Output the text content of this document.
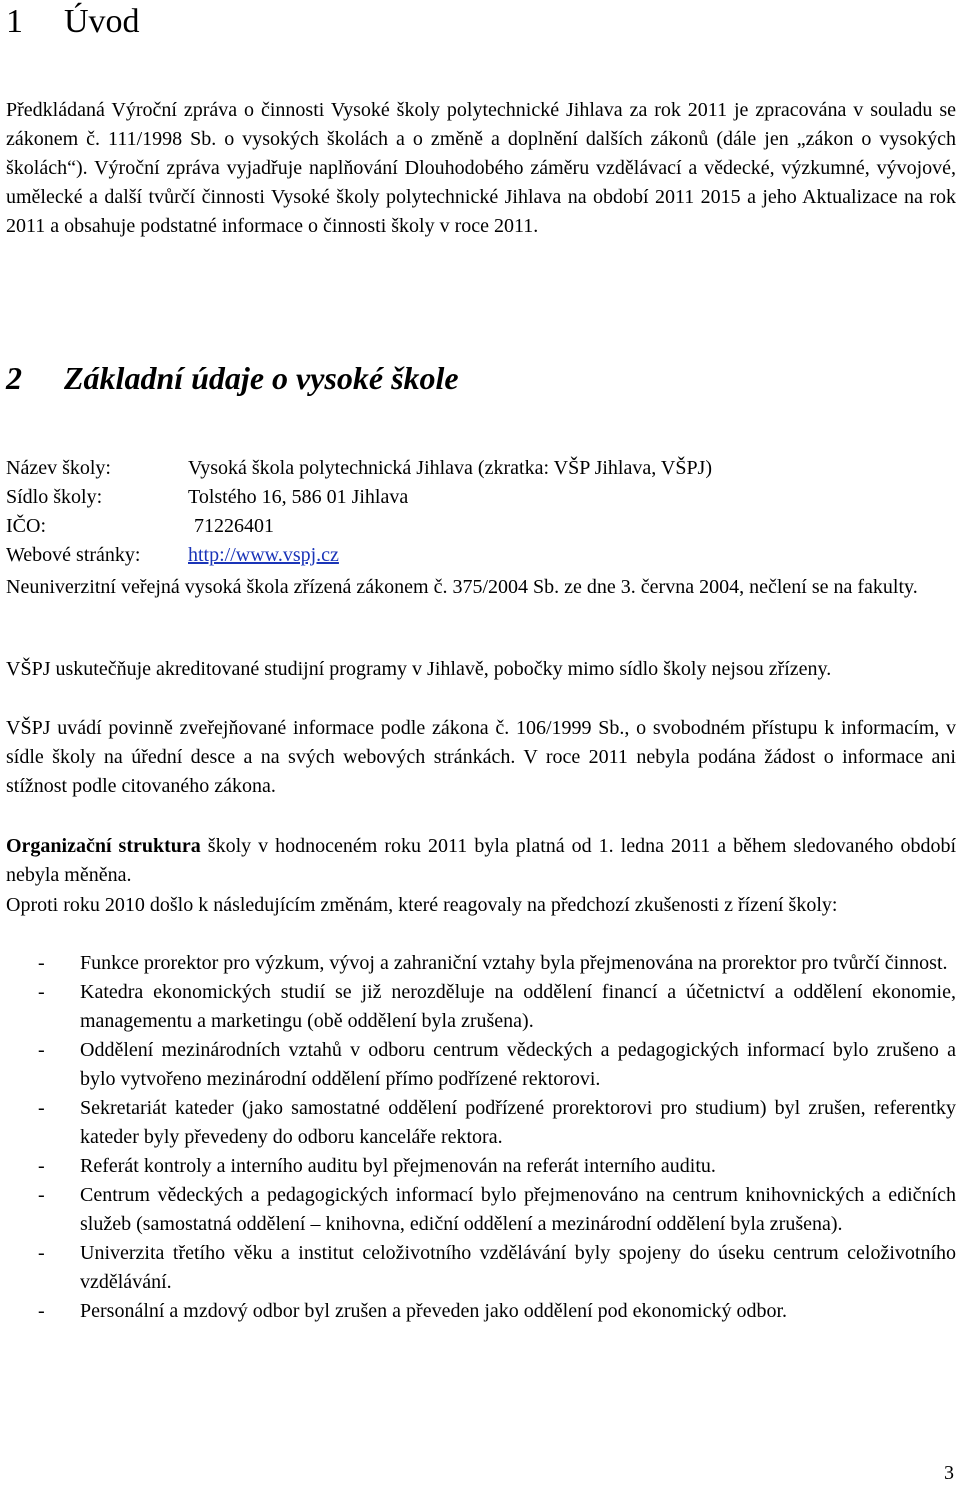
1 Úvod

Předkládaná Výroční zpráva o činnosti Vysoké školy polytechnické Jihlava za rok 2011 je zpracována v souladu se zákonem č. 111/1998 Sb. o vysokých školách a o změně a doplnění dalších zákonů (dále jen „zákon o vysokých školách“). Výroční zpráva vyjadřuje naplňování Dlouhodobého záměru vzdělávací a vědecké, výzkumné, vývojové, umělecké a další tvůrčí činnosti Vysoké školy polytechnické Jihlava na období 2011 2015 a jeho Aktualizace na rok 2011 a obsahuje podstatné informace o činnosti školy v roce 2011.

2 Základní údaje o vysoké škole
Název školy:	Vysoká škola polytechnická Jihlava (zkratka: VŠP Jihlava, VŠPJ)
Sídlo školy:	Tolstého 16, 586 01 Jihlava
IČO:	71226401
Webové stránky:	http://www.vspj.cz

Neuniverzitní veřejná vysoká škola zřízená zákonem č. 375/2004 Sb. ze dne 3. června 2004, nečlení se na fakulty.

VŠPJ uskutečňuje akreditované studijní programy v Jihlavě, pobočky mimo sídlo školy nejsou zřízeny.

VŠPJ uvádí povinně zveřejňované informace podle zákona č. 106/1999 Sb., o svobodném přístupu k informacím, v sídle školy na úřední desce a na svých webových stránkách. V roce 2011 nebyla podána žádost o informace ani stížnost podle citovaného zákona.

Organizační struktura školy v hodnoceném roku 2011 byla platná od 1. ledna 2011 a během sledovaného období nebyla měněna.

Oproti roku 2010 došlo k následujícím změnám, které reagovaly na předchozí zkušenosti z řízení školy:

- Funkce prorektor pro výzkum, vývoj a zahraniční vztahy byla přejmenována na prorektor pro tvůrčí činnost.
- Katedra ekonomických studií se již nerozděluje na oddělení financí a účetnictví a oddělení ekonomie, managementu a marketingu (obě oddělení byla zrušena).
- Oddělení mezinárodních vztahů v odboru centrum vědeckých a pedagogických informací bylo zrušeno a bylo vytvořeno mezinárodní oddělení přímo podřízené rektorovi.
- Sekretariát kateder (jako samostatné oddělení podřízené prorektorovi pro studium) byl zrušen, referentky kateder byly převedeny do odboru kanceláře rektora.
- Referát kontroly a interního auditu byl přejmenován na referát interního auditu.
- Centrum vědeckých a pedagogických informací bylo přejmenováno na centrum knihovnických a edičních služeb (samostatná oddělení – knihovna, ediční oddělení a mezinárodní oddělení byla zrušena).
- Univerzita třetího věku a institut celoživotního vzdělávání byly spojeny do úseku centrum celoživotního vzdělávání.
- Personální a mzdový odbor byl zrušen a převeden jako oddělení pod ekonomický odbor.
3
